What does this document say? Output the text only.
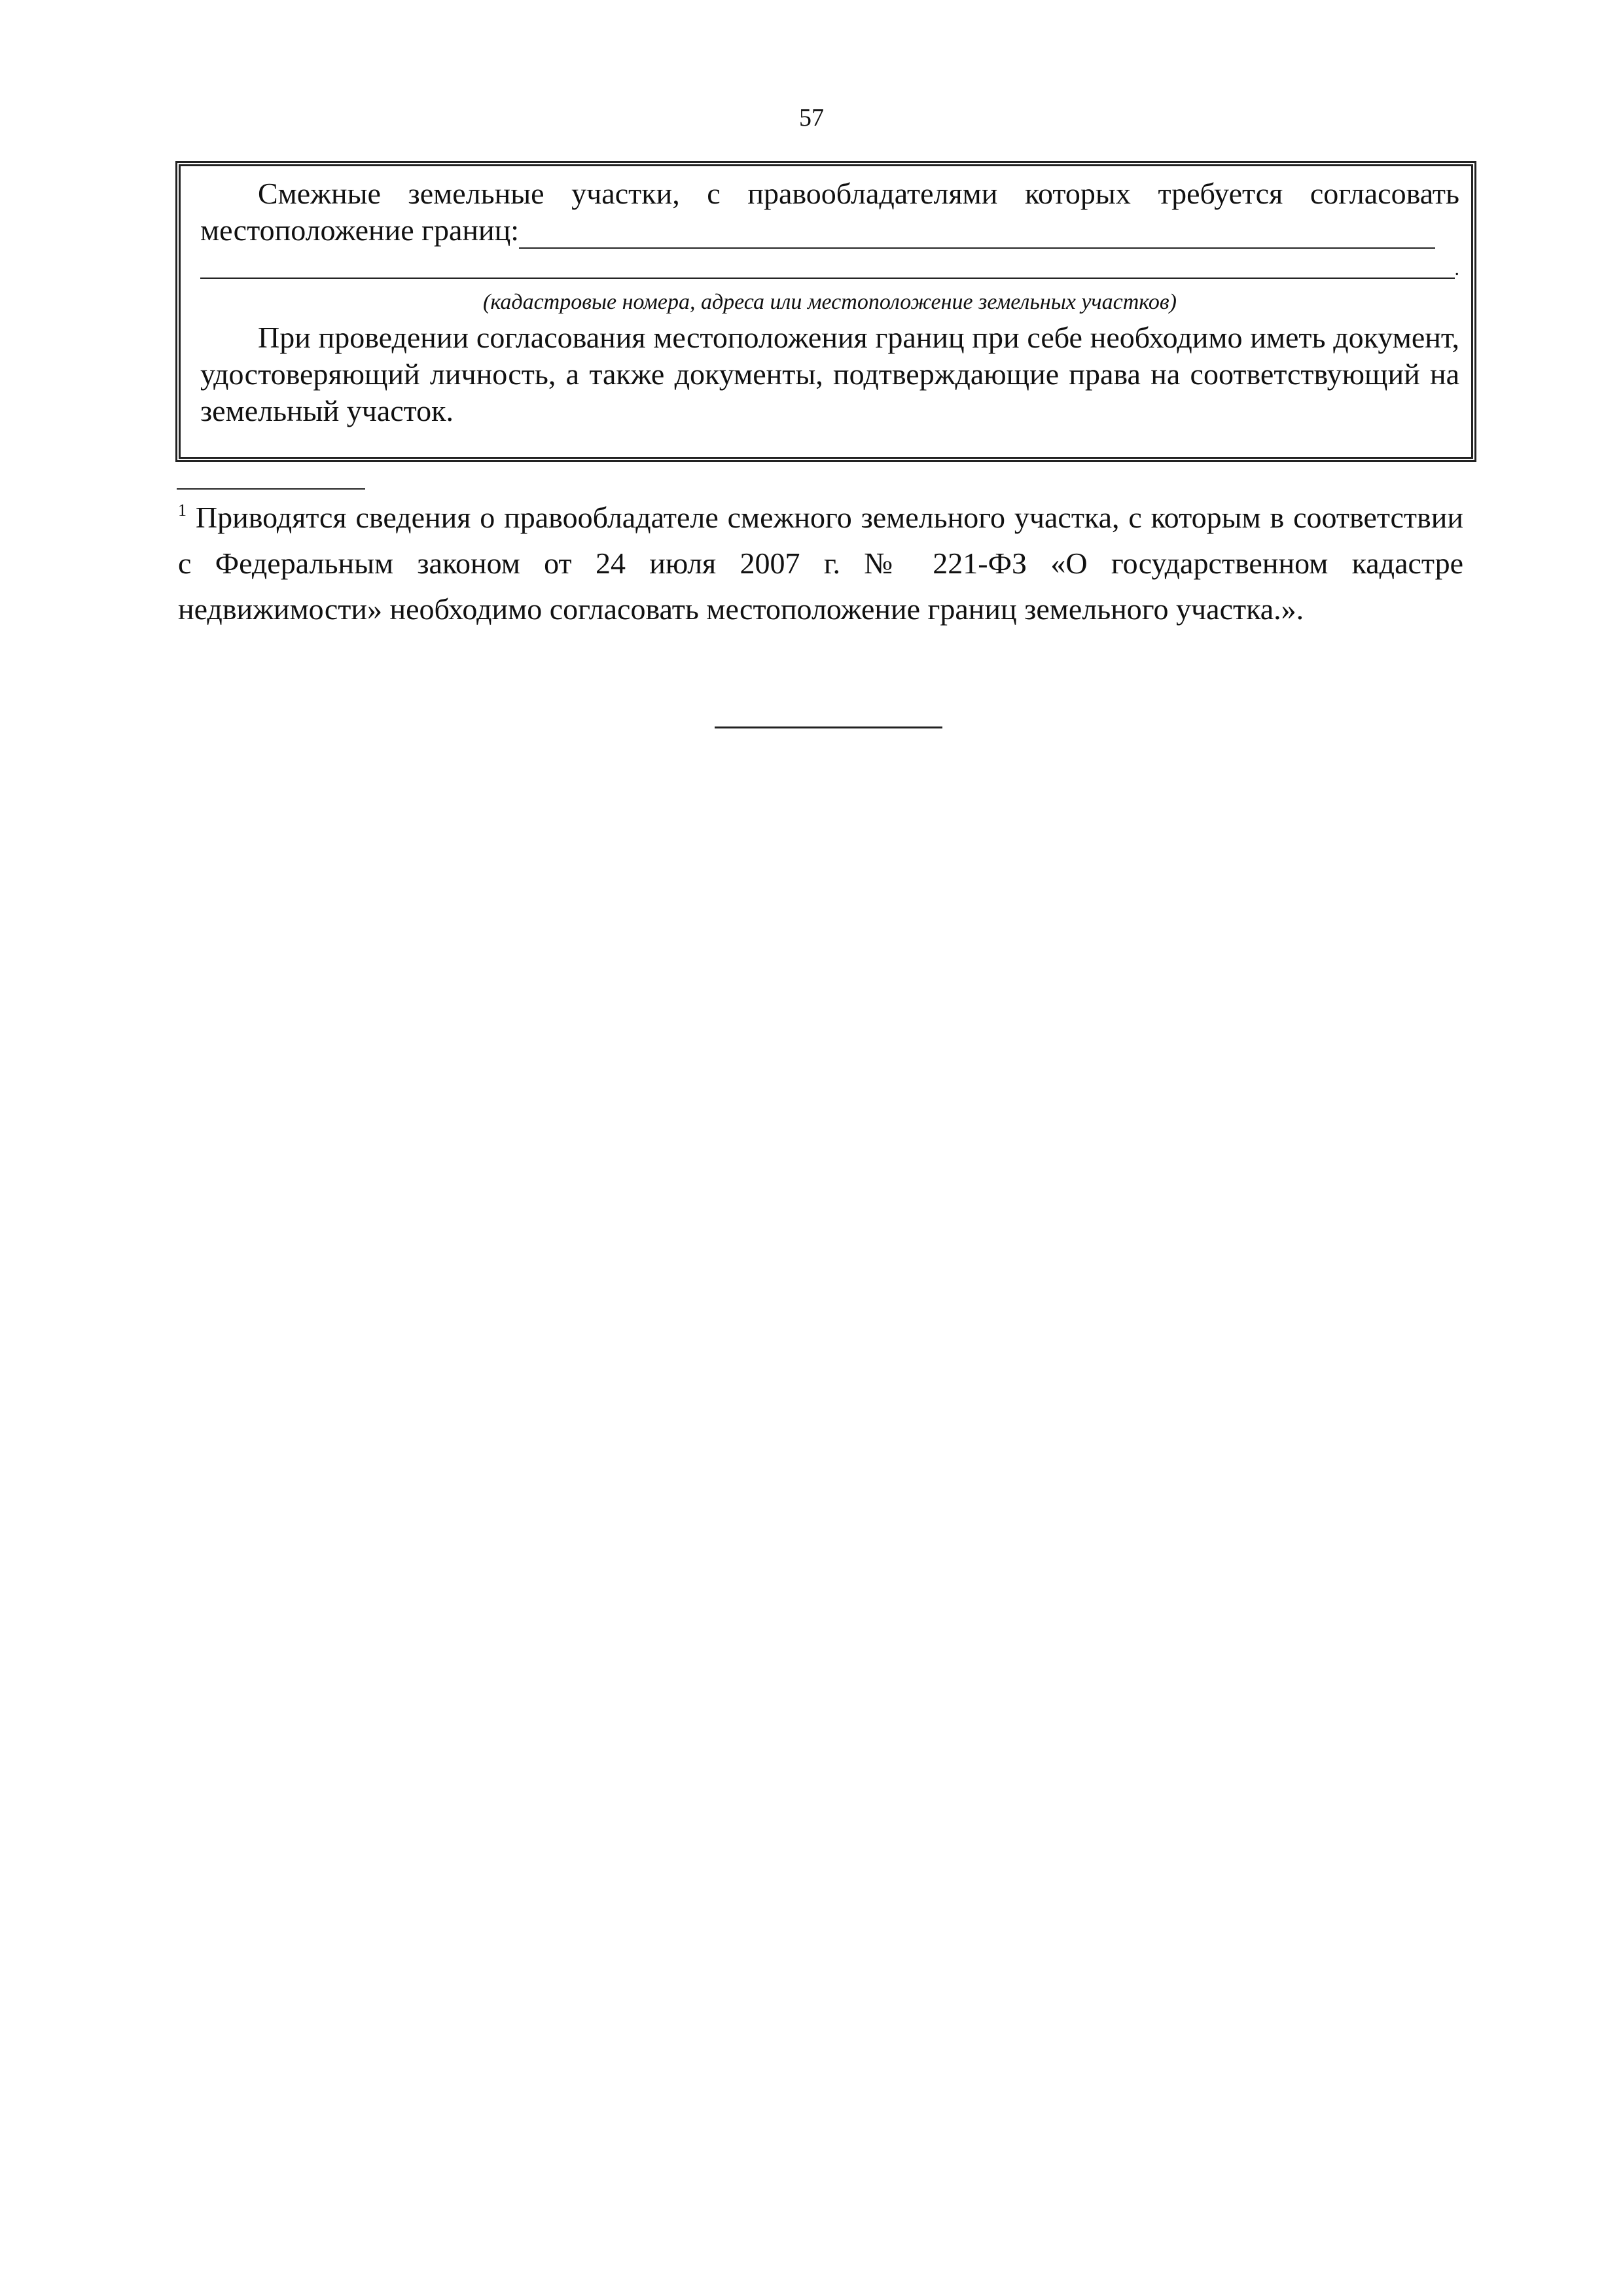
57

Смежные земельные участки, с правообладателями которых требуется согласовать

местоположение границ:
.
(кадастровые номера, адреса или местоположение земельных участков)

При проведении согласования местоположения границ при себе необходимо иметь документ, удостоверяющий личность, а также документы, подтверждающие права на соответствующий на земельный участок.

$^1$ Приводятся сведения о правообладателе смежного земельного участка, с которым в соответствии с Федеральным законом от 24 июля 2007 г. № 221-ФЗ «О государственном кадастре недвижимости» необходимо согласовать местоположение границ земельного участка.».
